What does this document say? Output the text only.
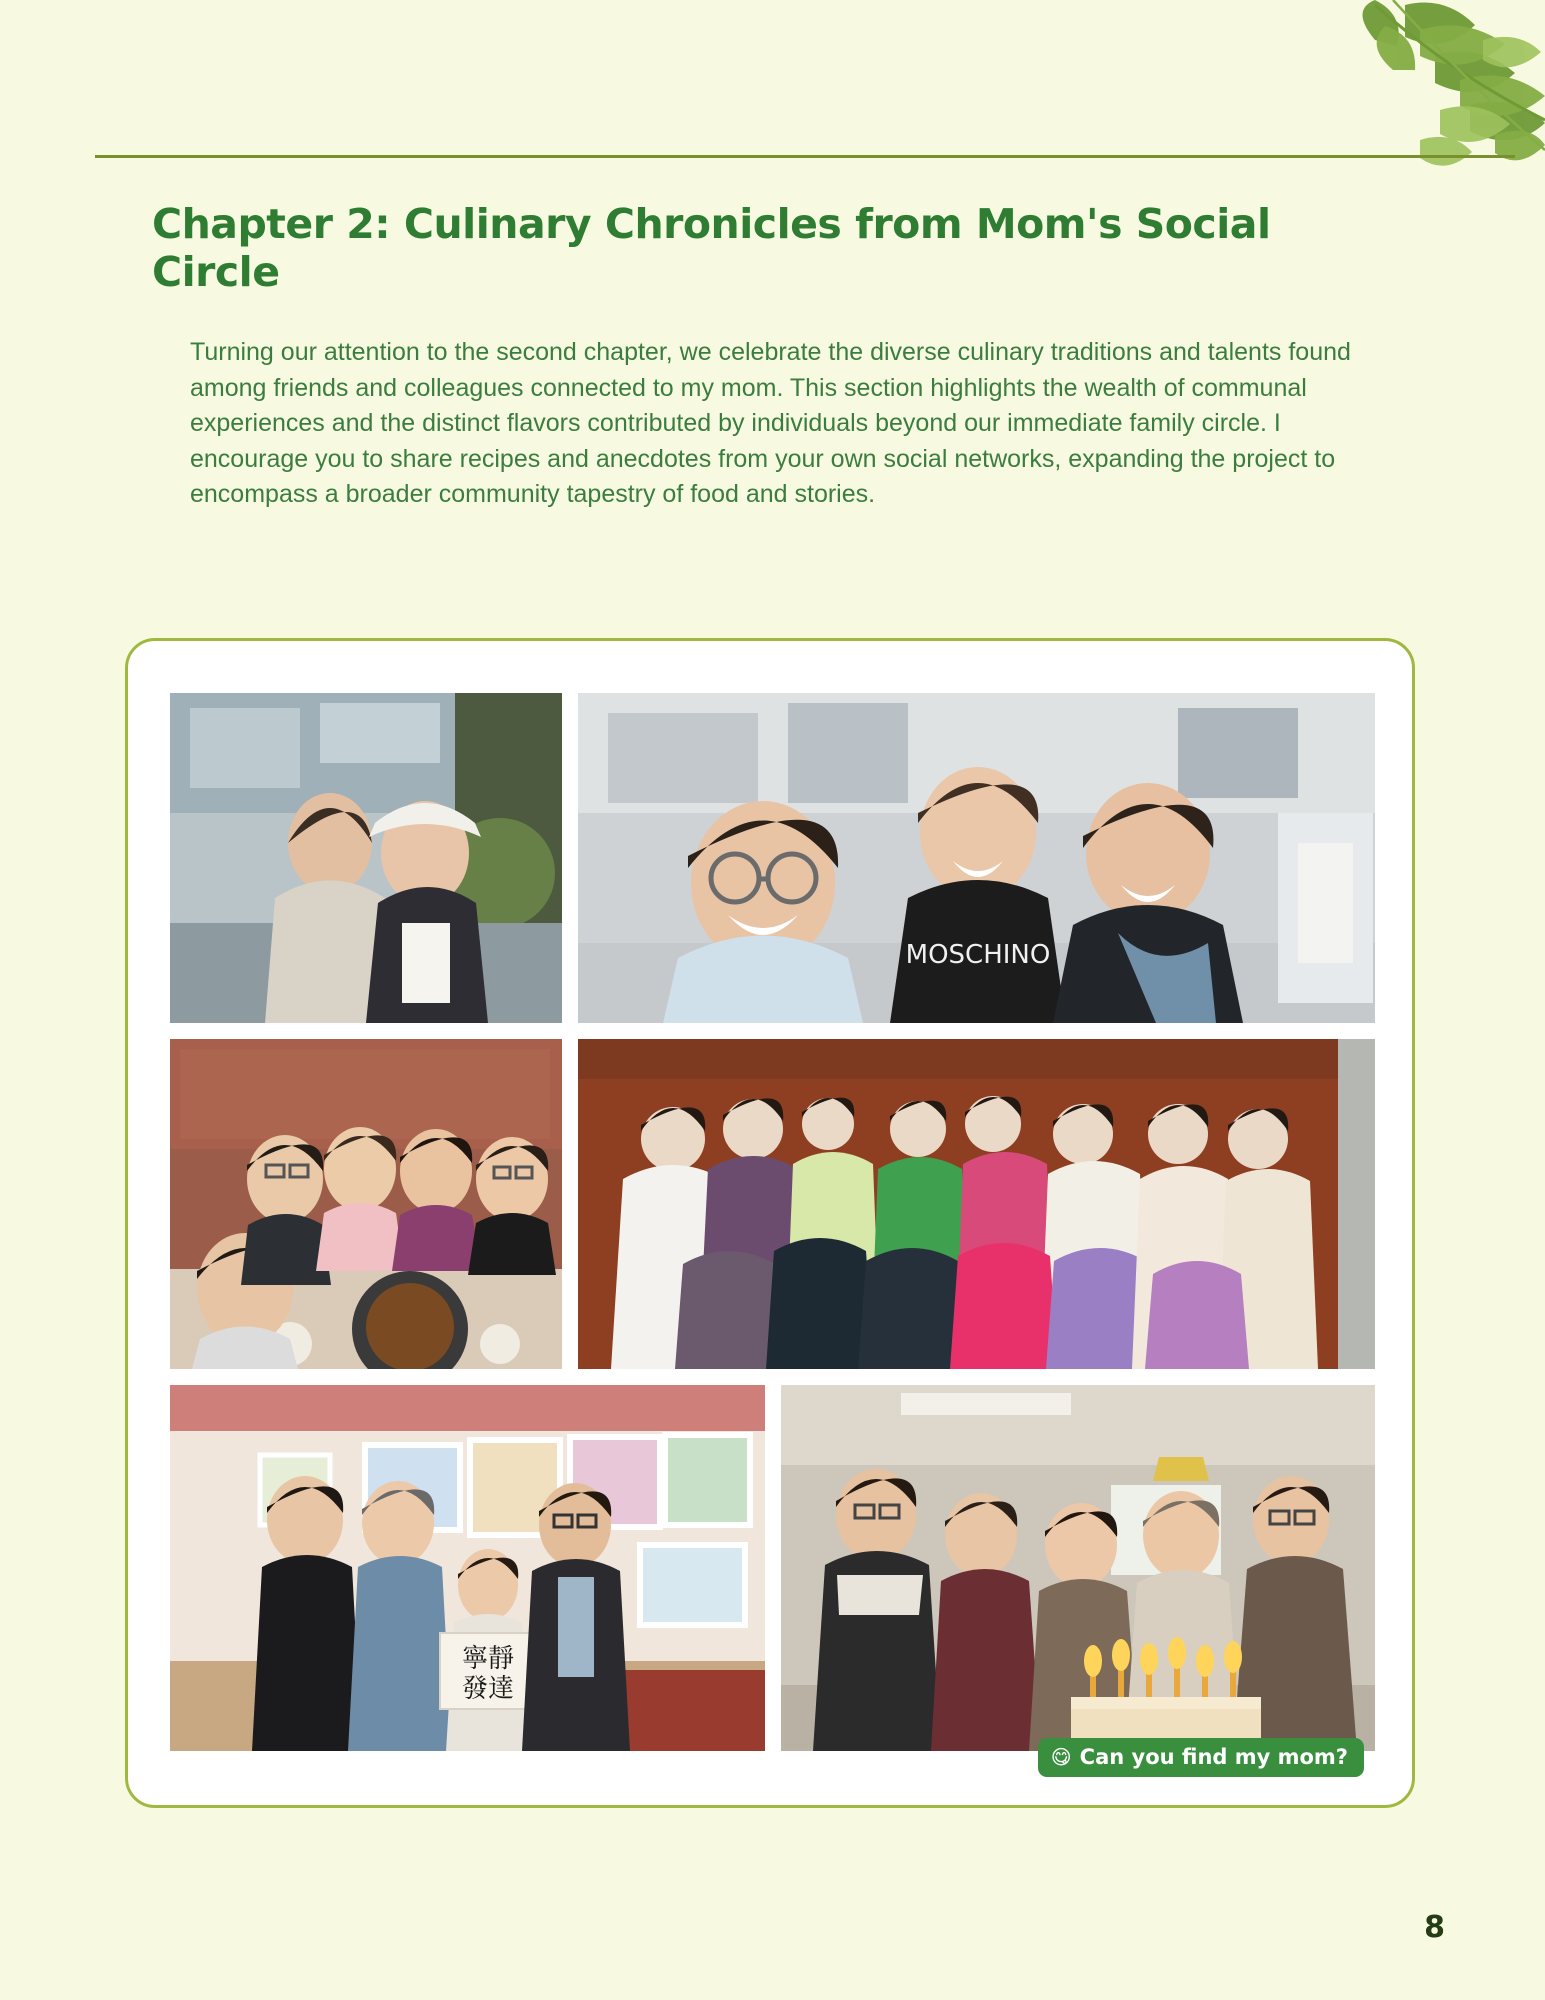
Chapter 2: Culinary Chronicles from Mom's Social Circle
Turning our attention to the second chapter, we celebrate the diverse culinary traditions and talents found among friends and colleagues connected to my mom. This section highlights the wealth of communal experiences and the distinct flavors contributed by individuals beyond our immediate family circle. I encourage you to share recipes and anecdotes from your own social networks, expanding the project to encompass a broader community tapestry of food and stories.
MOSCHINO
寧靜
發達
😋 Can you find my mom?
8
